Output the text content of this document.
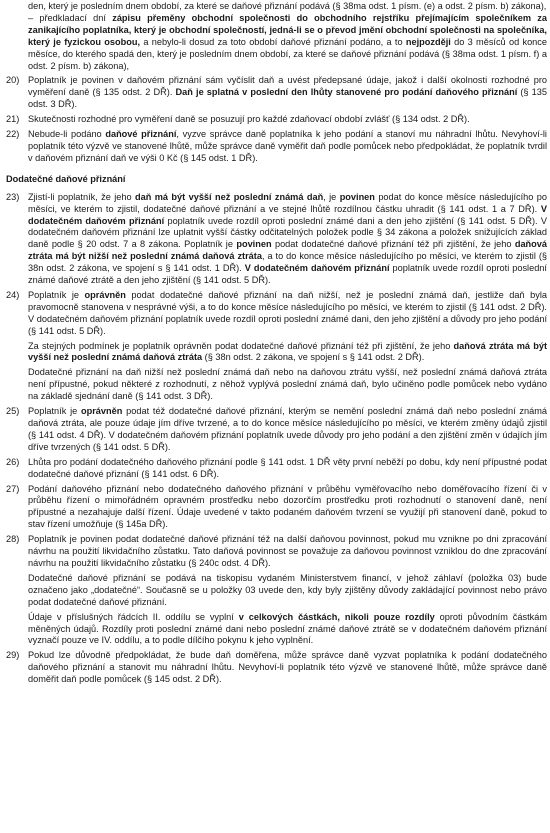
den, který je posledním dnem období, za které se daňové přiznání podává (§ 38ma odst. 1 písm. (e) a odst. 2 písm. b) zákona),
– předkladací dní zápisu přeměny obchodní společnosti do obchodního rejstříku přejímajícím společníkem za zanikajícího poplatníka, který je obchodní společností, jedná-li se o převod jmění obchodní společnosti na společníka, který je fyzickou osobou, a nebylo-li dosud za toto období daňové přiznání podáno, a to nejpozději do 3 měsíců od konce měsíce, do kterého spadá den, který je posledním dnem období, za které se daňové přiznání podává (§ 38ma odst. 1 písm. f) a odst. 2 písm. b) zákona),

20) Poplatník je povinen v daňovém přiznání sám vyčíslit daň a uvést předepsané údaje, jakož i další okolnosti rozhodné pro vyměření daně (§ 135 odst. 2 DŘ). Daň je splatná v poslední den lhůty stanovené pro podání daňového přiznání (§ 135 odst. 3 DŘ).

21) Skutečnosti rozhodné pro vyměření daně se posuzují pro každé zdaňovací období zvlášť (§ 134 odst. 2 DŘ).

22) Nebude-li podáno daňové přiznání, vyzve správce daně poplatníka k jeho podání a stanoví mu náhradní lhůtu. Nevyhoví-li poplatník této výzvě ve stanovené lhůtě, může správce daně vyměřit daň podle pomůcek nebo předpokládat, že poplatník tvrdil v daňovém přiznání daň ve výši 0 Kč (§ 145 odst. 1 DŘ).

Dodatečné daňové přiznání
23) Zjistí-li poplatník, že jeho daň má být vyšší než poslední známá daň, je povinen podat do konce měsíce následujícího po měsíci, ve kterém to zjistil, dodatečné daňové přiznání a ve stejné lhůtě rozdílnou částku uhradit (§ 141 odst. 1 a 7 DŘ). V dodatečném daňovém přiznání poplatník uvede rozdíl oproti poslední známé dani a den jeho zjištění (§ 141 odst. 5 DŘ). V dodatečném daňovém přiznání lze uplatnit vyšší částky odčitatelných položek podle § 34 zákona a položek snižujících základ daně podle § 20 odst. 7 a 8 zákona. Poplatník je povinen podat dodatečné daňové přiznání též při zjištění, že jeho daňová ztráta má být nižší než poslední známá daňová ztráta, a to do konce měsíce následujícího po měsíci, ve kterém to zjistil (§ 38n odst. 2 zákona, ve spojení s § 141 odst. 1 DŘ). V dodatečném daňovém přiznání poplatník uvede rozdíl oproti poslední známé daňové ztrátě a den jeho zjištění (§ 141 odst. 5 DŘ).

24) Poplatník je oprávněn podat dodatečné daňové přiznání na daň nižší, než je poslední známá daň, jestliže daň byla pravomocně stanovena v nesprávné výši, a to do konce měsíce následujícího po měsíci, ve kterém to zjistil (§ 141 odst. 2 DŘ). V dodatečném daňovém přiznání poplatník uvede rozdíl oproti poslední známé dani, den jeho zjištění a důvody pro jeho podání (§ 141 odst. 5 DŘ).

Za stejných podmínek je poplatník oprávněn podat dodatečné daňové přiznání též při zjištění, že jeho daňová ztráta má být vyšší než poslední známá daňová ztráta (§ 38n odst. 2 zákona, ve spojení s § 141 odst. 2 DŘ).

Dodatečné přiznání na daň nižší než poslední známá daň nebo na daňovou ztrátu vyšší, než poslední známá daňová ztráta není přípustné, pokud některé z rozhodnutí, z něhož vyplývá poslední známá daň, bylo učiněno podle pomůcek nebo vydáno na základě sjednání daně (§ 141 odst. 3 DŘ).

25) Poplatník je oprávněn podat též dodatečné daňové přiznání, kterým se nemění poslední známá daň nebo poslední známá daňová ztráta, ale pouze údaje jím dříve tvrzené, a to do konce měsíce následujícího po měsíci, ve kterém změny údajů zjistil (§ 141 odst. 4 DŘ). V dodatečném daňovém přiznání poplatník uvede důvody pro jeho podání a den zjištění změn v údajích jím dříve tvrzených (§ 141 odst. 5 DŘ).

26) Lhůta pro podání dodatečného daňového přiznání podle § 141 odst. 1 DŘ věty první neběží po dobu, kdy není přípustné podat dodatečné daňové přiznání (§ 141 odst. 6 DŘ).

27) Podání daňového přiznání nebo dodatečného daňového přiznání v průběhu vyměřovacího nebo doměřovacího řízení či v průběhu řízení o mimořádném opravném prostředku nebo dozorčím prostředku proti rozhodnutí o stanovení daně, není přípustné a nezahajuje další řízení. Údaje uvedené v takto podaném daňovém tvrzení se využijí při stanovení daně, pokud to stav řízení umožňuje (§ 145a DŘ).

28) Poplatník je povinen podat dodatečné daňové přiznání též na další daňovou povinnost, pokud mu vznikne po dni zpracování návrhu na použití likvidačního zůstatku. Tato daňová povinnost se považuje za daňovou povinnost vzniklou do dne zpracování návrhu na použití likvidačního zůstatku (§ 240c odst. 4 DŘ).

Dodatečné daňové přiznání se podává na tiskopisu vydaném Ministerstvem financí, v jehož záhlaví (položka 03) bude označeno jako „dodatečné“. Současně se u položky 03 uvede den, kdy byly zjištěny důvody zakládající povinnost nebo právo podat dodatečné daňové přiznání.

Údaje v příslušných řádcích II. oddílu se vyplní v celkových částkách, nikoli pouze rozdíly oproti původním částkám měněných údajů. Rozdíly proti poslední známé dani nebo poslední známé daňové ztrátě se v dodatečném daňovém přiznání vyznačí pouze ve IV. oddílu, a to podle dílčího pokynu k jeho vyplnění.

29) Pokud lze důvodně předpokládat, že bude daň doměřena, může správce daně vyzvat poplatníka k podání dodatečného daňového přiznání a stanovit mu náhradní lhůtu. Nevyhoví-li poplatník této výzvě ve stanovené lhůtě, může správce daně doměřit daň podle pomůcek (§ 145 odst. 2 DŘ).
